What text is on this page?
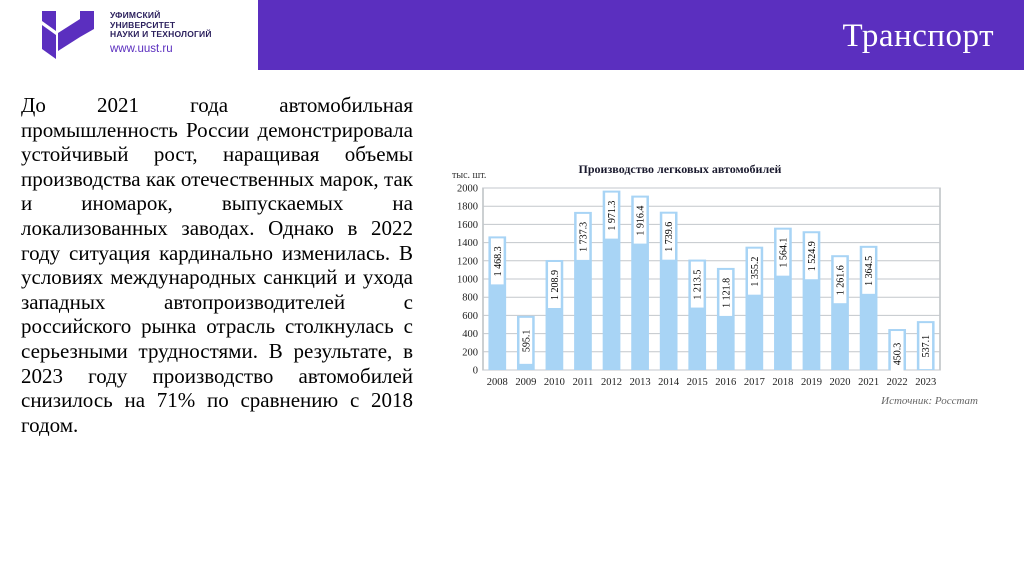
УФИМСКИЙ
УНИВЕРСИТЕТ
НАУКИ И ТЕХНОЛОГИЙ
www.uust.ru	Транспорт
До 2021 года автомобильная промышленность России демонстрировала устойчивый рост, наращивая объемы производства как отечественных марок, так и иномарок, выпускаемых на локализованных заводах. Однако в 2022 году ситуация кардинально изменилась. В условиях международных санкций и ухода западных автопроизводителей с российского рынка отрасль столкнулась с серьезными трудностями. В результате, в 2023 году производство автомобилей снизилось на 71% по сравнению с 2018 годом.
Производство легковых автомобилей
тыс. шт.
1 468.3
595.1
1 208.9
1 737.3
1 971.3 1 916.4
1 739.6
1 213.5 1 121.8
1 355.2
1 564.1 1 524.9
1 261.6 1 364.5
450.3 537.1
0
200
400
600
800
1000
1200
1400
1600
1800
2000
2008 2009 2010 2011 2012 2013 2014 2015 2016 2017 2018 2019 2020 2021 2022 2023
Источник: Росстат
